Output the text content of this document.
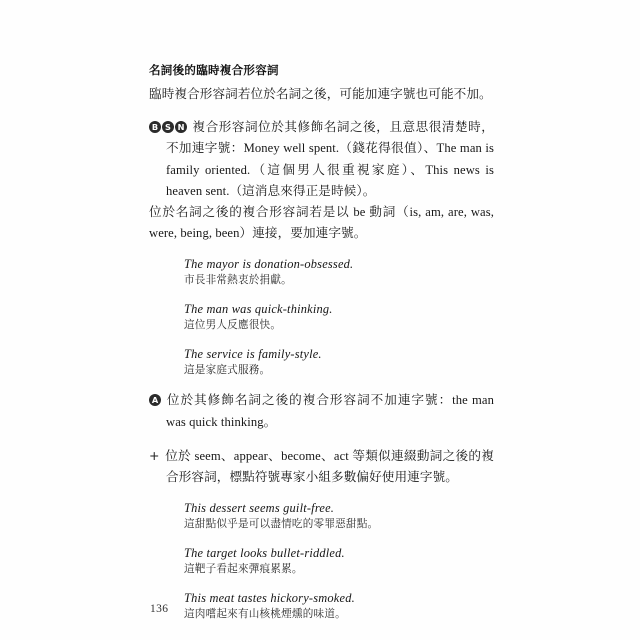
名詞後的臨時複合形容詞

臨時複合形容詞若位於名詞之後，可能加連字號也可能不加。

B S N 複合形容詞位於其修飾名詞之後，且意思很清楚時，不加連字號：Money well spent.（錢花得很值）、The man is family oriented.（這個男人很重視家庭）、This news is heaven sent.（這消息來得正是時候）。

位於名詞之後的複合形容詞若是以 be 動詞（is, am, are, was, were, being, been）連接，要加連字號。

The mayor is donation-obsessed.

市長非常熱衷於捐獻。

The man was quick-thinking.

這位男人反應很快。

The service is family-style.

這是家庭式服務。

A 位於其修飾名詞之後的複合形容詞不加連字號：the man was quick thinking。

+ 位於 seem、appear、become、act 等類似連綴動詞之後的複合形容詞，標點符號專家小組多數偏好使用連字號。

This dessert seems guilt-free.

這甜點似乎是可以盡情吃的零罪惡甜點。

The target looks bullet-riddled.

這靶子看起來彈痕累累。

This meat tastes hickory-smoked.

這肉嚐起來有山核桃煙燻的味道。

136
